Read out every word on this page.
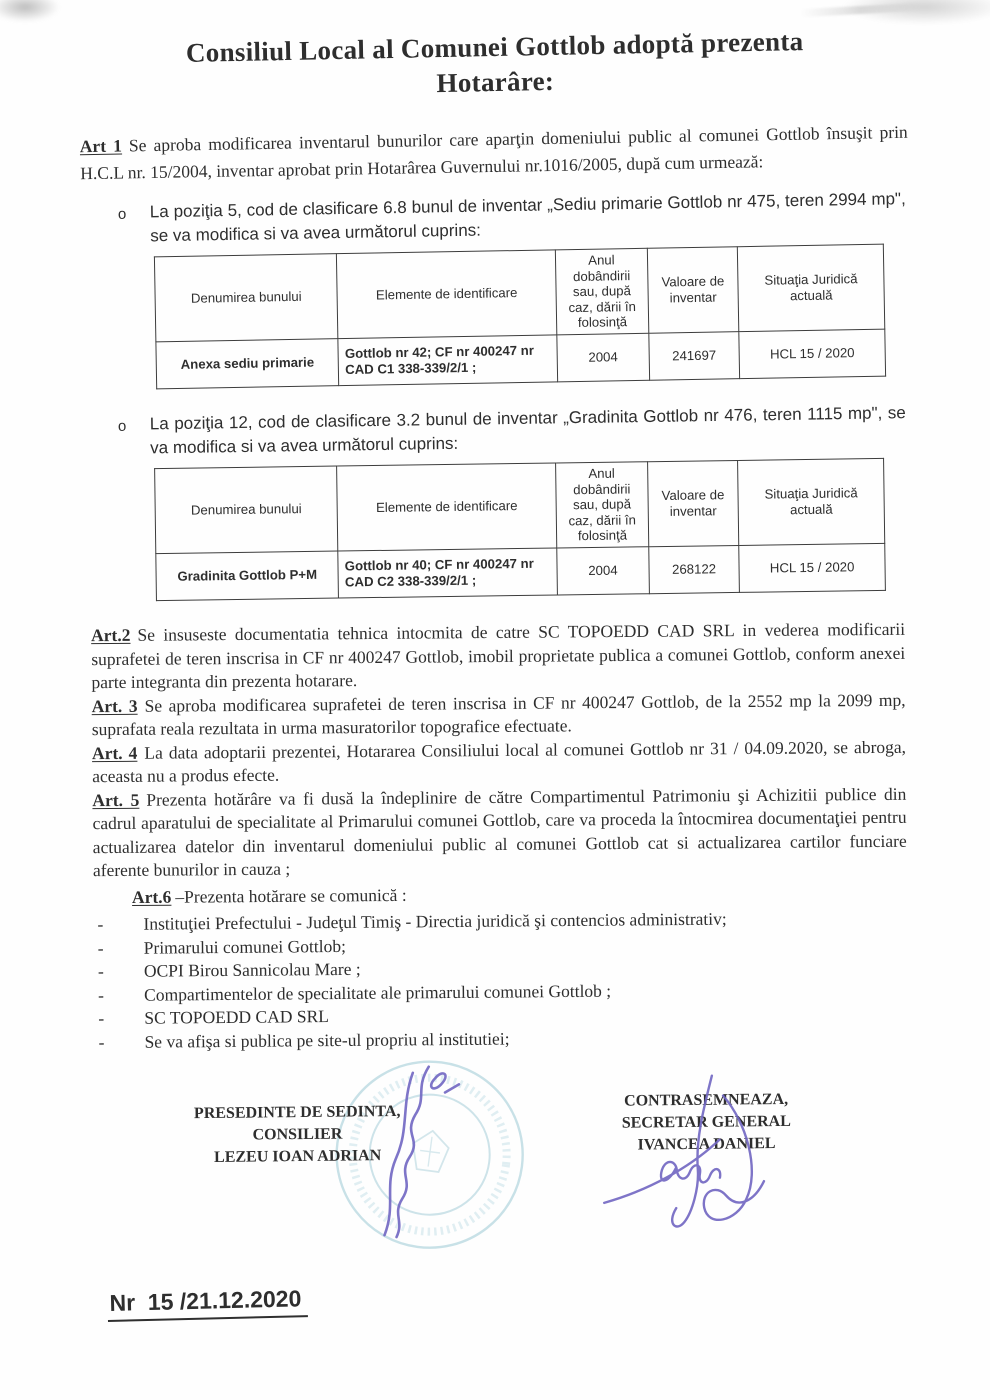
Consiliul Local al Comunei Gottlob adoptă prezenta
Hotarâre:

Art 1 Se aproba modificarea inventarul bunurilor care aparţin domeniului public al comunei Gottlob însuşit prin H.C.L nr. 15/2004, inventar aprobat prin Hotarârea Guvernului nr.1016/2005, după cum urmează:

o	La poziţia 5, cod de clasificare 6.8 bunul de inventar „Sediu primarie Gottlob nr 475, teren 2994 mp", se va modifica si va avea următorul cuprins:
Denumirea bunului	Elemente de identificare	Anul dobândirii sau, după caz, dării în folosinţă	Valoare de inventar	Situaţia Juridică actuală
Anexa sediu primarie	Gottlob nr 42; CF nr 400247 nr CAD C1 338-339/2/1 ;	2004	241697	HCL 15 / 2020
o	La poziţia 12, cod de clasificare 3.2 bunul de inventar „Gradinita Gottlob nr 476, teren 1115 mp", se va modifica si va avea următorul cuprins:
Denumirea bunului	Elemente de identificare	Anul dobândirii sau, după caz, dării în folosinţă	Valoare de inventar	Situaţia Juridică actuală
Gradinita Gottlob P+M	Gottlob nr 40; CF nr 400247 nr CAD C2 338-339/2/1 ;	2004	268122	HCL 15 / 2020

Art.2 Se insuseste documentatia tehnica intocmita de catre SC TOPOEDD CAD SRL in vederea modificarii suprafetei de teren inscrisa in CF nr 400247 Gottlob, imobil proprietate publica a comunei Gottlob, conform anexei parte integranta din prezenta hotarare.

Art. 3 Se aproba modificarea suprafetei de teren inscrisa in CF nr 400247 Gottlob, de la 2552 mp la 2099 mp, suprafata reala rezultata in urma masuratorilor topografice efectuate.

Art. 4 La data adoptarii prezentei, Hotararea Consiliului local al comunei Gottlob nr 31 / 04.09.2020, se abroga, aceasta nu a produs efecte.

Art. 5 Prezenta hotărâre va fi dusă la îndeplinire de către Compartimentul Patrimoniu şi Achizitii publice din cadrul aparatului de specialitate al Primarului comunei Gottlob, care va proceda la întocmirea documentaţiei pentru actualizarea datelor din inventarul domeniului public al comunei Gottlob cat si actualizarea cartilor funciare aferente bunurilor in cauza ;

Art.6 –Prezenta hotărare se comunică :
-	Instituţiei Prefectului - Judeţul Timiş - Directia juridică şi contencios administrativ;
-	Primarului comunei Gottlob;
-	OCPI Birou Sannicolau Mare ;
-	Compartimentelor de specialitate ale primarului comunei Gottlob ;
-	SC TOPOEDD CAD SRL
-	Se va afişa si publica pe site-ul propriu al institutiei;
PRESEDINTE DE SEDINTA,
CONSILIER
LEZEU IOAN ADRIAN
CONTRASEMNEAZA,
SECRETAR GENERAL
IVANCEA DANIEL
Nr  15 /21.12.2020
